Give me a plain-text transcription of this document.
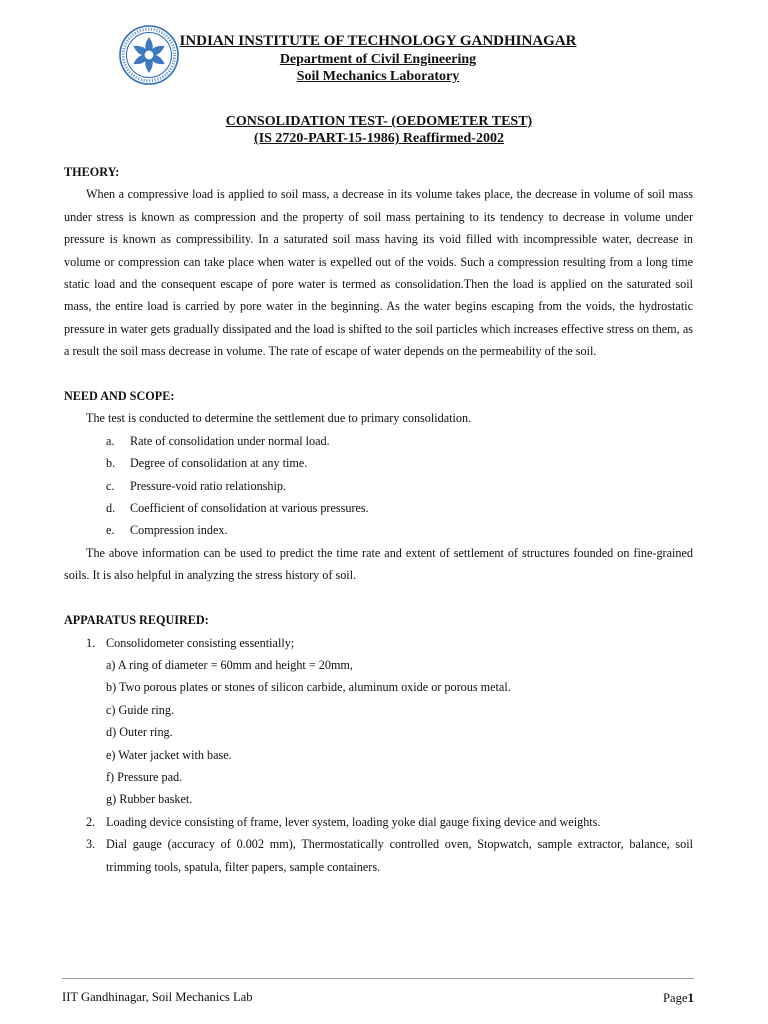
INDIAN INSTITUTE OF TECHNOLOGY GANDHINAGAR
Department of Civil Engineering
Soil Mechanics Laboratory
CONSOLIDATION TEST- (OEDOMETER TEST)
(IS 2720-PART-15-1986) Reaffirmed-2002

THEORY:

When a compressive load is applied to soil mass, a decrease in its volume takes place, the decrease in volume of soil mass under stress is known as compression and the property of soil mass pertaining to its tendency to decrease in volume under pressure is known as compressibility. In a saturated soil mass having its void filled with incompressible water, decrease in volume or compression can take place when water is expelled out of the voids. Such a compression resulting from a long time static load and the consequent escape of pore water is termed as consolidation.Then the load is applied on the saturated soil mass, the entire load is carried by pore water in the beginning. As the water begins escaping from the voids, the hydrostatic pressure in water gets gradually dissipated and the load is shifted to the soil particles which increases effective stress on them, as a result the soil mass decrease in volume. The rate of escape of water depends on the permeability of the soil.

NEED AND SCOPE:

The test is conducted to determine the settlement due to primary consolidation.

a. Rate of consolidation under normal load.
b. Degree of consolidation at any time.
c. Pressure-void ratio relationship.
d. Coefficient of consolidation at various pressures.
e. Compression index.

The above information can be used to predict the time rate and extent of settlement of structures founded on fine-grained soils. It is also helpful in analyzing the stress history of soil.

APPARATUS REQUIRED:

1. Consolidometer consisting essentially;
a) A ring of diameter = 60mm and height = 20mm,
b) Two porous plates or stones of silicon carbide, aluminum oxide or porous metal.
c) Guide ring.
d) Outer ring.
e) Water jacket with base.
f) Pressure pad.
g) Rubber basket.
2. Loading device consisting of frame, lever system, loading yoke dial gauge fixing device and weights.
3. Dial gauge (accuracy of 0.002 mm), Thermostatically controlled oven, Stopwatch, sample extractor, balance, soil trimming tools, spatula, filter papers, sample containers.
IIT Gandhinagar, Soil Mechanics Lab	Page1
